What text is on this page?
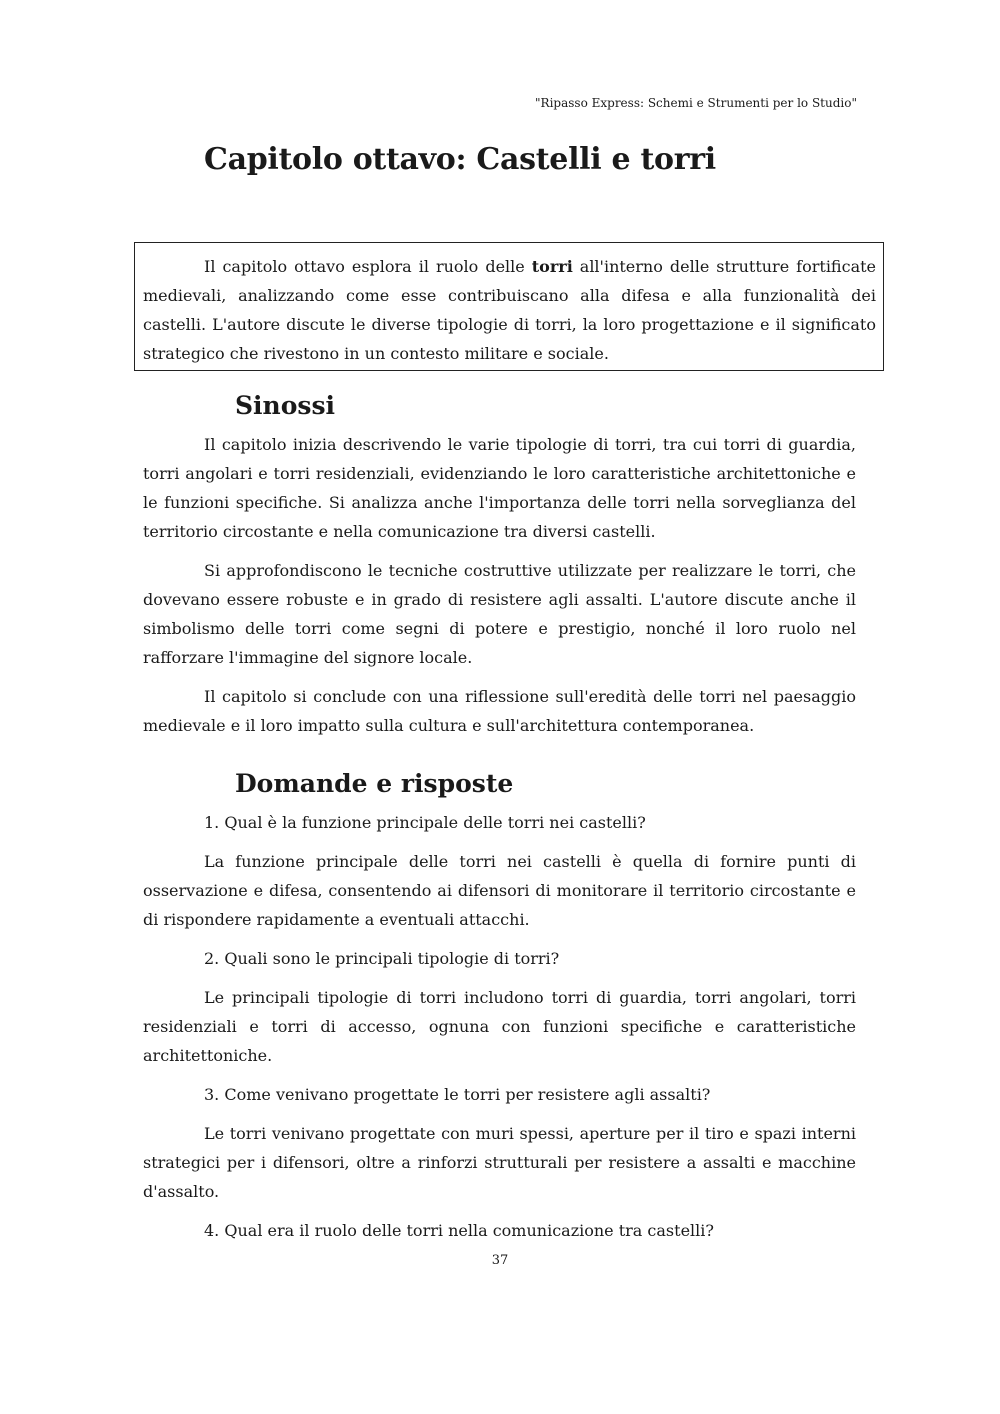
"Ripasso Express: Schemi e Strumenti per lo Studio"
Capitolo ottavo: Castelli e torri

Il capitolo ottavo esplora il ruolo delle torri all'interno delle strutture fortificate medievali, analizzando come esse contribuiscano alla difesa e alla funzionalità dei castelli. L'autore discute le diverse tipologie di torri, la loro progettazione e il significato strategico che rivestono in un contesto militare e sociale.

Sinossi

Il capitolo inizia descrivendo le varie tipologie di torri, tra cui torri di guardia, torri angolari e torri residenziali, evidenziando le loro caratteristiche architettoniche e le funzioni specifiche. Si analizza anche l'importanza delle torri nella sorveglianza del territorio circostante e nella comunicazione tra diversi castelli.

Si approfondiscono le tecniche costruttive utilizzate per realizzare le torri, che dovevano essere robuste e in grado di resistere agli assalti. L'autore discute anche il simbolismo delle torri come segni di potere e prestigio, nonché il loro ruolo nel rafforzare l'immagine del signore locale.

Il capitolo si conclude con una riflessione sull'eredità delle torri nel paesaggio medievale e il loro impatto sulla cultura e sull'architettura contemporanea.

Domande e risposte

1. Qual è la funzione principale delle torri nei castelli?

La funzione principale delle torri nei castelli è quella di fornire punti di osservazione e difesa, consentendo ai difensori di monitorare il territorio circostante e di rispondere rapidamente a eventuali attacchi.

2. Quali sono le principali tipologie di torri?

Le principali tipologie di torri includono torri di guardia, torri angolari, torri residenziali e torri di accesso, ognuna con funzioni specifiche e caratteristiche architettoniche.

3. Come venivano progettate le torri per resistere agli assalti?

Le torri venivano progettate con muri spessi, aperture per il tiro e spazi interni strategici per i difensori, oltre a rinforzi strutturali per resistere a assalti e macchine d'assalto.

4. Qual era il ruolo delle torri nella comunicazione tra castelli?

37
